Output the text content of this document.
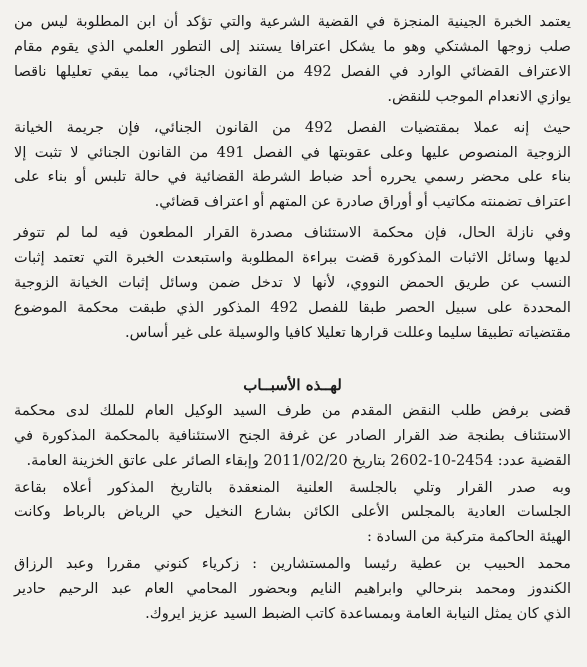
يعتمد الخبرة الجينية المنجزة في القضية الشرعية والتي تؤكد أن ابن المطلوبة ليس من
صلب زوجها المشتكي وهو ما يشكل اعترافا يستند إلى التطور العلمي الذي يقوم مقام
الاعتراف القضائي الوارد في الفصل 492 من القانون الجنائي، مما يبقي تعليلها ناقصا
يوازي الانعدام الموجب للنقض.

حيث إنه عملا بمقتضيات الفصل 492 من القانون الجنائي، فإن جريمة الخيانة
الزوجية المنصوص عليها وعلى عقوبتها في الفصل 491 من القانون الجنائي لا تثبت إلا
بناء على محضر رسمي يحرره أحد ضباط الشرطة القضائية في حالة تلبس أو بناء على
اعتراف تضمنته مكاتيب أو أوراق صادرة عن المتهم أو اعتراف قضائي.

وفي نازلة الحال، فإن محكمة الاستئناف مصدرة القرار المطعون فيه لما لم تتوفر
لديها وسائل الاثبات المذكورة قضت ببراءة المطلوبة واستبعدت الخبرة التي تعتمد إثبات
النسب عن طريق الحمض النووي، لأنها لا تدخل ضمن وسائل إثبات الخيانة الزوجية
المحددة على سبيل الحصر طبقا للفصل 492 المذكور الذي طبقت محكمة الموضوع
مقتضياته تطبيقا سليما وعللت قرارها تعليلا كافيا والوسيلة على غير أساس.

لهــذه الأسبــاب

قضى برفض طلب النقض المقدم من طرف السيد الوكيل العام للملك لدى محكمة
الاستئناف بطنجة ضد القرار الصادر عن غرفة الجنح الاستئنافية بالمحكمة المذكورة في
القضية عدد: 2454-10-2602 بتاريخ 2011/02/20 وإبقاء الصائر على عاتق الخزينة العامة.

وبه صدر القرار وتلي بالجلسة العلنية المنعقدة بالتاريخ المذكور أعلاه بقاعة
الجلسات العادية بالمجلس الأعلى الكائن بشارع النخيل حي الرياض بالرباط وكانت
الهيئة الحاكمة متركبة من السادة :

محمد الحبيب بن عطية رئيسا والمستشارين : زكرياء كنوني مقررا وعبد الرزاق
الكندوز ومحمد بنرحالي وابراهيم النايم وبحضور المحامي العام عبد الرحيم حادير
الذي كان يمثل النيابة العامة وبمساعدة كاتب الضبط السيد عزيز ايروك.
